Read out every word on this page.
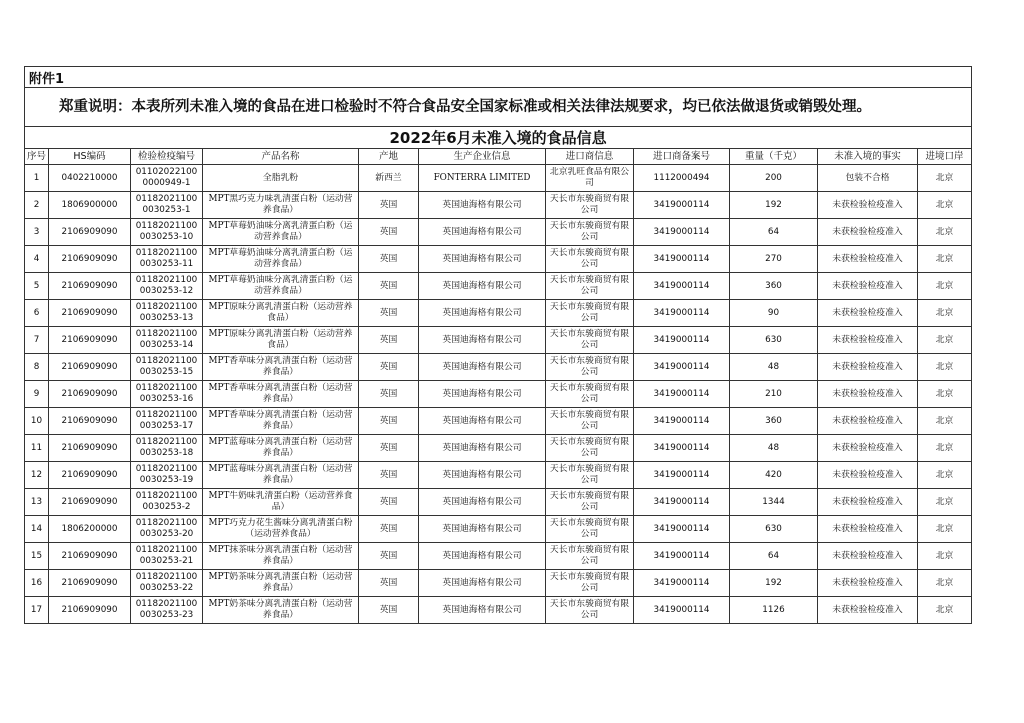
附件1										
郑重说明：本表所列未准入境的食品在进口检验时不符合食品安全国家标准或相关法律法规要求，均已依法做退货或销毁处理。										
2022年6月未准入境的食品信息										
序号	HS编码	检验检疫编号	产品名称	产地	生产企业信息	进口商信息	进口商备案号	重量（千克）	未准入境的事实	进境口岸
1	0402210000	011020221000000949-1	全脂乳粉	新西兰	FONTERRA LIMITED	北京乳旺食品有限公司	1112000494	200	包装不合格	北京
2	1806900000	011820211000030253-1	MPT黑巧克力味乳清蛋白粉（运动营养食品）	英国	英国迪海格有限公司	天长市东骏商贸有限公司	3419000114	192	未获检验检疫准入	北京
3	2106909090	011820211000030253-10	MPT草莓奶油味分离乳清蛋白粉（运动营养食品）	英国	英国迪海格有限公司	天长市东骏商贸有限公司	3419000114	64	未获检验检疫准入	北京
4	2106909090	011820211000030253-11	MPT草莓奶油味分离乳清蛋白粉（运动营养食品）	英国	英国迪海格有限公司	天长市东骏商贸有限公司	3419000114	270	未获检验检疫准入	北京
5	2106909090	011820211000030253-12	MPT草莓奶油味分离乳清蛋白粉（运动营养食品）	英国	英国迪海格有限公司	天长市东骏商贸有限公司	3419000114	360	未获检验检疫准入	北京
6	2106909090	011820211000030253-13	MPT原味分离乳清蛋白粉（运动营养食品）	英国	英国迪海格有限公司	天长市东骏商贸有限公司	3419000114	90	未获检验检疫准入	北京
7	2106909090	011820211000030253-14	MPT原味分离乳清蛋白粉（运动营养食品）	英国	英国迪海格有限公司	天长市东骏商贸有限公司	3419000114	630	未获检验检疫准入	北京
8	2106909090	011820211000030253-15	MPT香草味分离乳清蛋白粉（运动营养食品）	英国	英国迪海格有限公司	天长市东骏商贸有限公司	3419000114	48	未获检验检疫准入	北京
9	2106909090	011820211000030253-16	MPT香草味分离乳清蛋白粉（运动营养食品）	英国	英国迪海格有限公司	天长市东骏商贸有限公司	3419000114	210	未获检验检疫准入	北京
10	2106909090	011820211000030253-17	MPT香草味分离乳清蛋白粉（运动营养食品）	英国	英国迪海格有限公司	天长市东骏商贸有限公司	3419000114	360	未获检验检疫准入	北京
11	2106909090	011820211000030253-18	MPT蓝莓味分离乳清蛋白粉（运动营养食品）	英国	英国迪海格有限公司	天长市东骏商贸有限公司	3419000114	48	未获检验检疫准入	北京
12	2106909090	011820211000030253-19	MPT蓝莓味分离乳清蛋白粉（运动营养食品）	英国	英国迪海格有限公司	天长市东骏商贸有限公司	3419000114	420	未获检验检疫准入	北京
13	2106909090	011820211000030253-2	MPT牛奶味乳清蛋白粉（运动营养食品）	英国	英国迪海格有限公司	天长市东骏商贸有限公司	3419000114	1344	未获检验检疫准入	北京
14	1806200000	011820211000030253-20	MPT巧克力花生酱味分离乳清蛋白粉（运动营养食品）	英国	英国迪海格有限公司	天长市东骏商贸有限公司	3419000114	630	未获检验检疫准入	北京
15	2106909090	011820211000030253-21	MPT抹茶味分离乳清蛋白粉（运动营养食品）	英国	英国迪海格有限公司	天长市东骏商贸有限公司	3419000114	64	未获检验检疫准入	北京
16	2106909090	011820211000030253-22	MPT奶茶味分离乳清蛋白粉（运动营养食品）	英国	英国迪海格有限公司	天长市东骏商贸有限公司	3419000114	192	未获检验检疫准入	北京
17	2106909090	011820211000030253-23	MPT奶茶味分离乳清蛋白粉（运动营养食品）	英国	英国迪海格有限公司	天长市东骏商贸有限公司	3419000114	1126	未获检验检疫准入	北京
